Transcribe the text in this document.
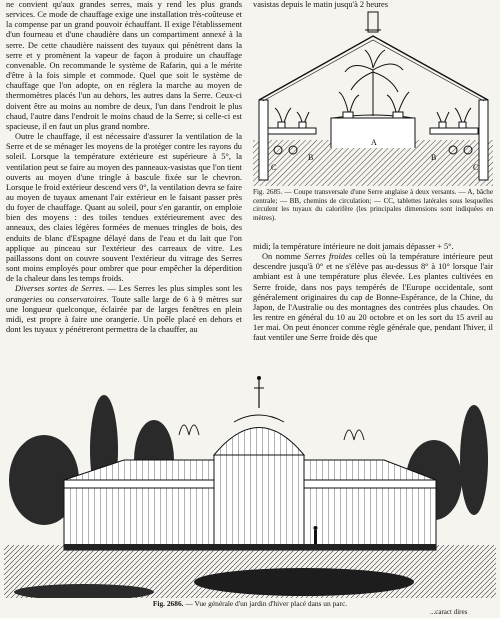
ne convient qu'aux grandes serres, mais y rend les plus grands services. Ce mode de chauffage exige une installation très-coûteuse et la compense par un grand pouvoir échauffant. Il exige l'établissement d'un fourneau et d'une chaudière dans un compartiment annexé à la serre. De cette chaudière naissent des tuyaux qui pénètrent dans la serre et y promènent la vapeur de façon à produire un chauffage convenable. On recommande le système de Rafarin, qui a le mérite d'être à la fois simple et commode. Quel que soit le système de chauffage que l'on adopte, on en réglera la marche au moyen de thermomètres placés l'un au dehors, les autres dans la Serre. Ceux-ci doivent être au moins au nombre de deux, l'un dans l'endroit le plus chaud, l'autre dans l'endroit le moins chaud de la Serre; si celle-ci est spacieuse, il en faut un plus grand nombre.

Outre le chauffage, il est nécessaire d'assurer la ventilation de la Serre et de se ménager les moyens de la protéger contre les rayons du soleil. Lorsque la température extérieure est supérieure à 5°, la ventilation peut se faire au moyen des panneaux-vasistas que l'on tient ouverts au moyen d'une tringle à bascule fixée sur le chevron. Lorsque le froid extérieur descend vers 0°, la ventilation devra se faire au moyen de tuyaux amenant l'air extérieur en le faisant passer près du foyer de chauffage. Quant au soleil, pour s'en garantir, on emploie bien des moyens : des toiles tendues extérieurement avec des anneaux, des claies légères formées de menues tringles de bois, des enduits de blanc d'Espagne délayé dans de l'eau et du lait que l'on applique au pinceau sur l'extérieur des carreaux de vitre. Les paillassons dont on couvre souvent l'extérieur du vitrage des Serres sont moins employés pour ombrer que pour empêcher la déperdition de la chaleur dans les temps froids.

Diverses sortes de Serres. — Les Serres les plus simples sont les orangeries ou conservatoires. Toute salle large de 6 à 9 mètres sur une longueur quelconque, éclairée par de larges fenêtres en plein midi, est propre à faire une orangerie. Un poêle placé en dehors et dont les tuyaux y pénétreront permettra de la chauffer, au

vasistas depuis le matin jusqu'à 2 heures
A
B	B
C	C
Fig. 2685. — Coupe transversale d'une Serre anglaise à deux versants. — A, bâche centrale; — BB, chemins de circulation; — CC, tablettes latérales sous lesquelles circulent les tuyaux du calorifère (les principales dimensions sont indiquées en mètres).

midi; la température intérieure ne doit jamais dépasser + 5°.

On nomme Serres froides celles où la température intérieure peut descendre jusqu'à 0° et ne s'élève pas au-dessus 8° à 10° lorsque l'air ambiant est à une température plus élevée. Les plantes cultivées en Serre froide, dans nos pays tempérés de l'Europe occidentale, sont généralement originaires du cap de Bonne-Espérance, de la Chine, du Japon, de l'Australie ou des montagnes des contrées plus chaudes. On les rentre en général du 10 au 20 octobre et on les sort du 15 avril au 1er mai. On peut énoncer comme règle générale que, pendant l'hiver, il faut ventiler une Serre froide dès que

Fig. 2686. — Vue générale d'un jardin d'hiver placé dans un parc.
...caract dires
